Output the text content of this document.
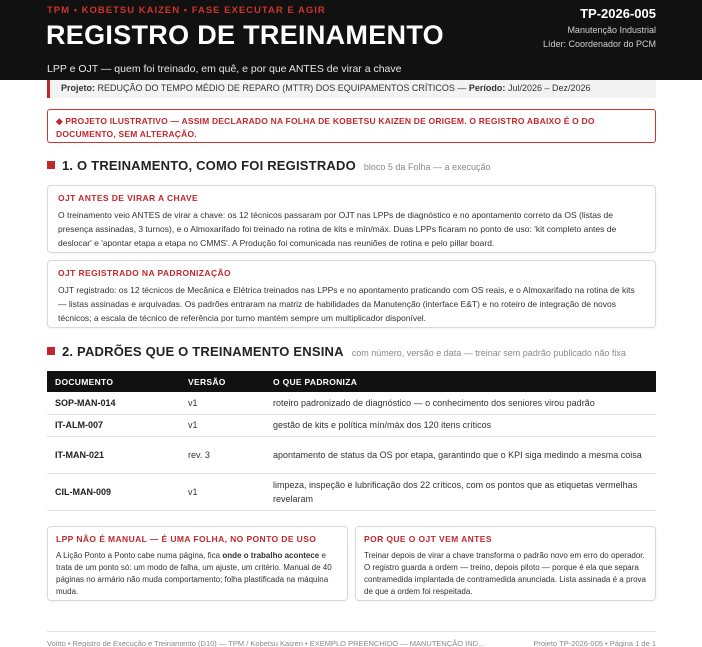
TPM • KOBETSU KAIZEN • FASE EXECUTAR E AGIR
REGISTRO DE TREINAMENTO
LPP e OJT — quem foi treinado, em quê, e por que ANTES de virar a chave
TP-2026-005
Manutenção Industrial
Líder: Coordenador do PCM
Projeto: REDUÇÃO DO TEMPO MÉDIO DE REPARO (MTTR) DOS EQUIPAMENTOS CRÍTICOS — Período: Jul/2026 – Dez/2026
◆ PROJETO ILUSTRATIVO — ASSIM DECLARADO NA FOLHA DE KOBETSU KAIZEN DE ORIGEM. O REGISTRO ABAIXO É O DO DOCUMENTO, SEM ALTERAÇÃO.
1. O TREINAMENTO, COMO FOI REGISTRADO bloco 5 da Folha — a execução
OJT ANTES DE VIRAR A CHAVE
O treinamento veio ANTES de virar a chave: os 12 técnicos passaram por OJT nas LPPs de diagnóstico e no apontamento correto da OS (listas de presença assinadas, 3 turnos), e o Almoxarifado foi treinado na rotina de kits e mín/máx. Duas LPPs ficaram no ponto de uso: 'kit completo antes de deslocar' e 'apontar etapa a etapa no CMMS'. A Produção foi comunicada nas reuniões de rotina e pelo pillar board.
OJT REGISTRADO NA PADRONIZAÇÃO
OJT registrado: os 12 técnicos de Mecânica e Elétrica treinados nas LPPs e no apontamento praticando com OS reais, e o Almoxarifado na rotina de kits — listas assinadas e arquivadas. Os padrões entraram na matriz de habilidades da Manutenção (interface E&T) e no roteiro de integração de novos técnicos; a escala de técnico de referência por turno mantém sempre um multiplicador disponível.
2. PADRÕES QUE O TREINAMENTO ENSINA com número, versão e data — treinar sem padrão publicado não fixa
DOCUMENTO	VERSÃO	O QUE PADRONIZA
SOP-MAN-014	v1	roteiro padronizado de diagnóstico — o conhecimento dos seniores virou padrão
IT-ALM-007	v1	gestão de kits e política mín/máx dos 120 itens críticos
IT-MAN-021	rev. 3	apontamento de status da OS por etapa, garantindo que o KPI siga medindo a mesma coisa
CIL-MAN-009	v1	limpeza, inspeção e lubrificação dos 22 críticos, com os pontos que as etiquetas vermelhas revelaram
LPP NÃO É MANUAL — É UMA FOLHA, NO PONTO DE USO
A Lição Ponto a Ponto cabe numa página, fica onde o trabalho acontece e trata de um ponto só: um modo de falha, um ajuste, um critério. Manual de 40 páginas no armário não muda comportamento; folha plastificada na máquina muda.
POR QUE O OJT VEM ANTES
Treinar depois de virar a chave transforma o padrão novo em erro do operador. O registro guarda a ordem — treino, depois piloto — porque é ela que separa contramedida implantada de contramedida anunciada. Lista assinada é a prova de que a ordem foi respeitada.
Voitto • Registro de Execução e Treinamento (D10) — TPM / Kobetsu Kaizen • EXEMPLO PREENCHIDO — MANUTENÇÃO IND...	Projeto TP-2026-005 • Página 1 de 1
